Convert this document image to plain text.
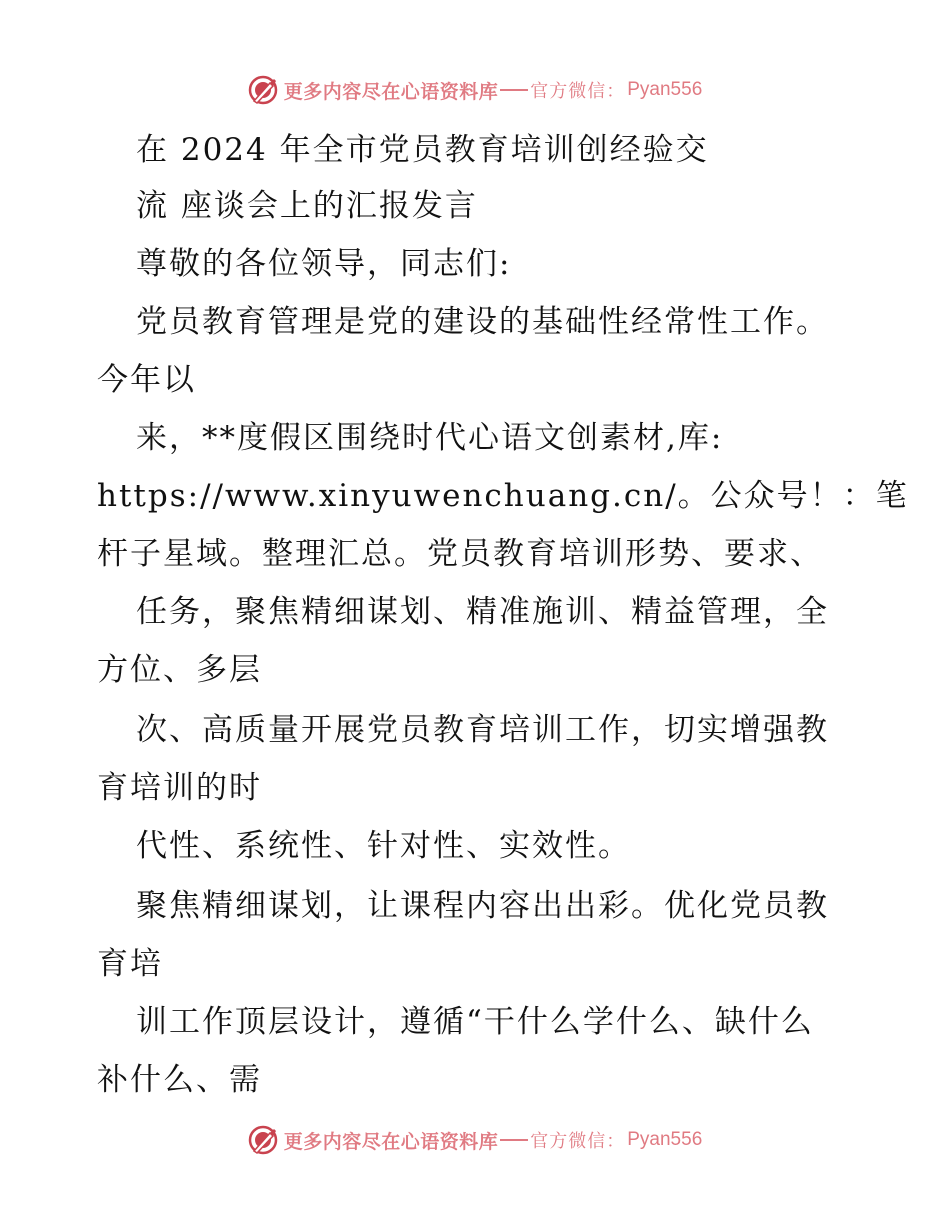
更多内容尽在心语资料库 官方微信： Pyan556
在 2024 年全市党员教育培训创经验交
流 座谈会上的汇报发言
尊敬的各位领导，同志们:
党员教育管理是党的建设的基础性经常性工作。
今年以
来，**度假区围绕时代心语文创素材,库:
https://www.xinyuwenchuang.cn/。公众号！：笔
杆子星域。整理汇总。党员教育培训形势、要求、
任务，聚焦精细谋划、精准施训、精益管理，全
方位、多层
次、高质量开展党员教育培训工作，切实增强教
育培训的时
代性、系统性、针对性、实效性。
聚焦精细谋划，让课程内容出出彩。优化党员教
育培
训工作顶层设计，遵循“干什么学什么、缺什么
补什么、需
更多内容尽在心语资料库 官方微信： Pyan556
